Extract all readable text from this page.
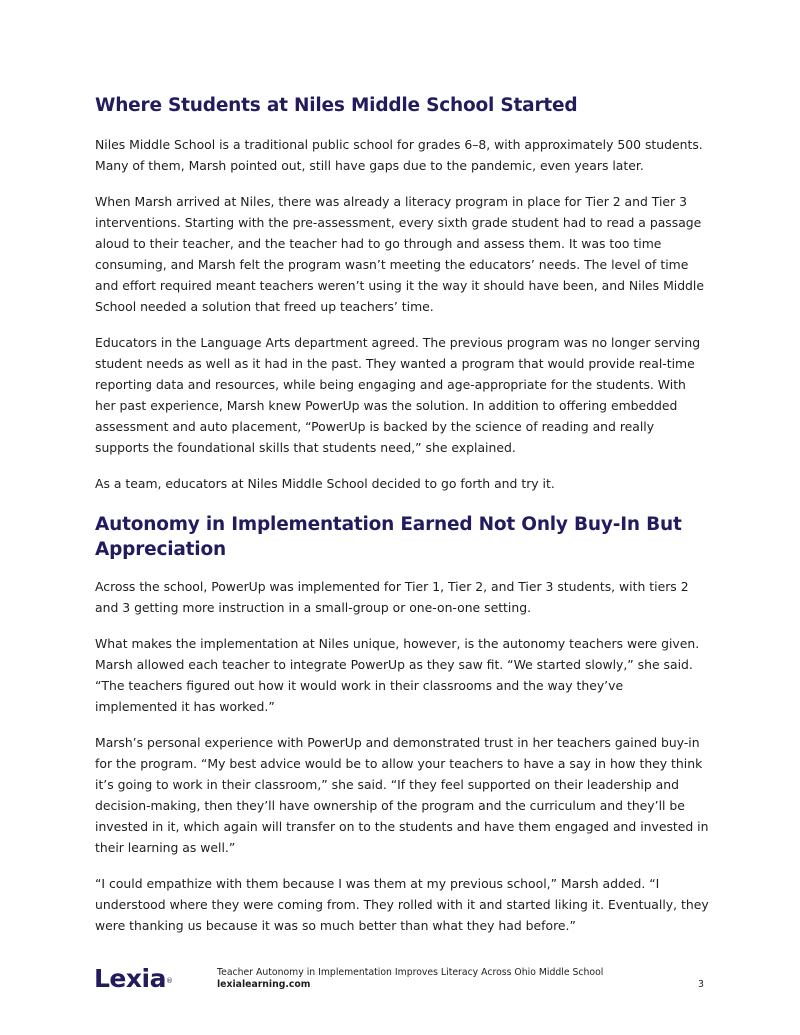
Where Students at Niles Middle School Started

Niles Middle School is a traditional public school for grades 6–8, with approximately 500 students. Many of them, Marsh pointed out, still have gaps due to the pandemic, even years later.

When Marsh arrived at Niles, there was already a literacy program in place for Tier 2 and Tier 3 interventions. Starting with the pre-assessment, every sixth grade student had to read a passage aloud to their teacher, and the teacher had to go through and assess them. It was too time consuming, and Marsh felt the program wasn’t meeting the educators’ needs. The level of time and effort required meant teachers weren’t using it the way it should have been, and Niles Middle School needed a solution that freed up teachers’ time.

Educators in the Language Arts department agreed. The previous program was no longer serving student needs as well as it had in the past. They wanted a program that would provide real-time reporting data and resources, while being engaging and age-appropriate for the students. With her past experience, Marsh knew PowerUp was the solution. In addition to offering embedded assessment and auto placement, “PowerUp is backed by the science of reading and really supports the foundational skills that students need,” she explained.

As a team, educators at Niles Middle School decided to go forth and try it.

Autonomy in Implementation Earned Not Only Buy-In But Appreciation

Across the school, PowerUp was implemented for Tier 1, Tier 2, and Tier 3 students, with tiers 2 and 3 getting more instruction in a small-group or one-on-one setting.

What makes the implementation at Niles unique, however, is the autonomy teachers were given. Marsh allowed each teacher to integrate PowerUp as they saw fit. “We started slowly,” she said. “The teachers figured out how it would work in their classrooms and the way they’ve implemented it has worked.”

Marsh’s personal experience with PowerUp and demonstrated trust in her teachers gained buy-in for the program. “My best advice would be to allow your teachers to have a say in how they think it’s going to work in their classroom,” she said. “If they feel supported on their leadership and decision-making, then they’ll have ownership of the program and the curriculum and they’ll be invested in it, which again will transfer on to the students and have them engaged and invested in their learning as well.”

“I could empathize with them because I was them at my previous school,” Marsh added. “I understood where they were coming from. They rolled with it and started liking it. Eventually, they were thanking us because it was so much better than what they had before.”

Lexia®
Teacher Autonomy in Implementation Improves Literacy Across Ohio Middle School
lexialearning.com	3
